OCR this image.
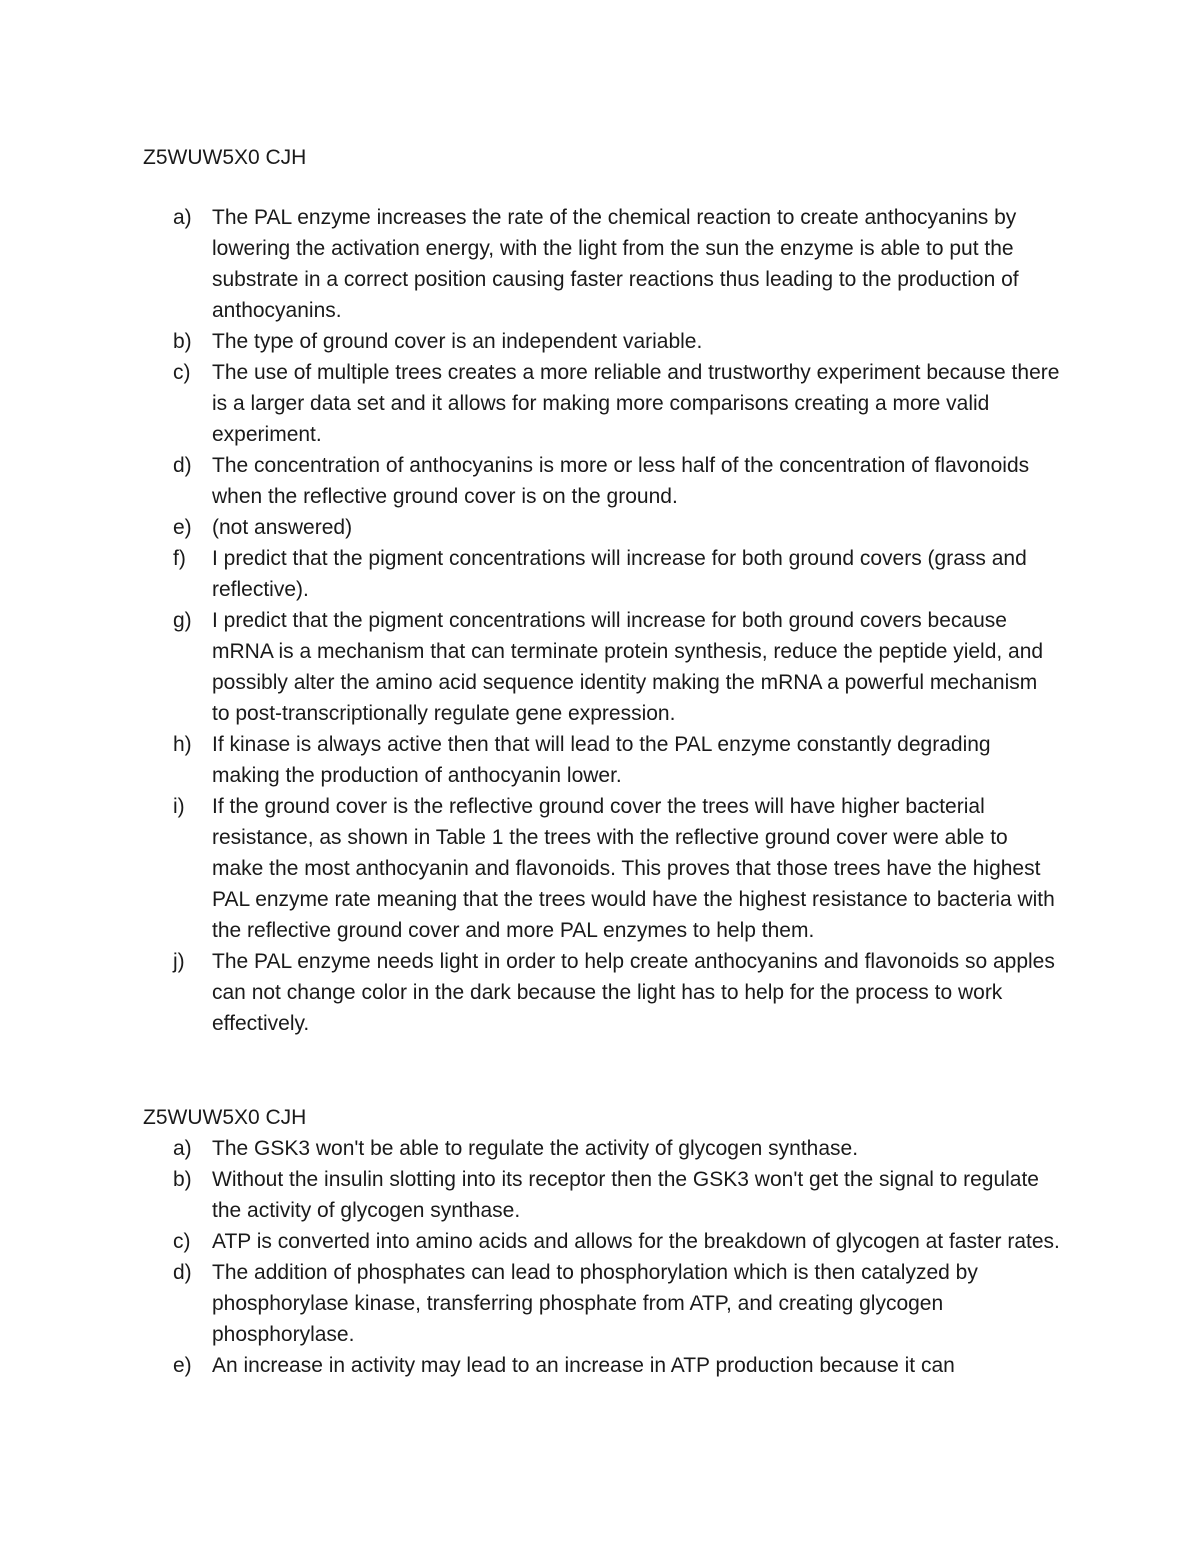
Z5WUW5X0 CJH
a) The PAL enzyme increases the rate of the chemical reaction to create anthocyanins by lowering the activation energy, with the light from the sun the enzyme is able to put the substrate in a correct position causing faster reactions thus leading to the production of anthocyanins.
b) The type of ground cover is an independent variable.
c) The use of multiple trees creates a more reliable and trustworthy experiment because there is a larger data set and it allows for making more comparisons creating a more valid experiment.
d) The concentration of anthocyanins is more or less half of the concentration of flavonoids when the reflective ground cover is on the ground.
e) (not answered)
f) I predict that the pigment concentrations will increase for both ground covers (grass and reflective).
g) I predict that the pigment concentrations will increase for both ground covers because mRNA is a mechanism that can terminate protein synthesis, reduce the peptide yield, and possibly alter the amino acid sequence identity making the mRNA a powerful mechanism to post-transcriptionally regulate gene expression.
h) If kinase is always active then that will lead to the PAL enzyme constantly degrading making the production of anthocyanin lower.
i) If the ground cover is the reflective ground cover the trees will have higher bacterial resistance, as shown in Table 1 the trees with the reflective ground cover were able to make the most anthocyanin and flavonoids. This proves that those trees have the highest PAL enzyme rate meaning that the trees would have the highest resistance to bacteria with the reflective ground cover and more PAL enzymes to help them.
j) The PAL enzyme needs light in order to help create anthocyanins and flavonoids so apples can not change color in the dark because the light has to help for the process to work effectively.
Z5WUW5X0 CJH
a) The GSK3 won't be able to regulate the activity of glycogen synthase.
b) Without the insulin slotting into its receptor then the GSK3 won't get the signal to regulate the activity of glycogen synthase.
c) ATP is converted into amino acids and allows for the breakdown of glycogen at faster rates.
d) The addition of phosphates can lead to phosphorylation which is then catalyzed by phosphorylase kinase, transferring phosphate from ATP, and creating glycogen phosphorylase.
e) An increase in activity may lead to an increase in ATP production because it can
